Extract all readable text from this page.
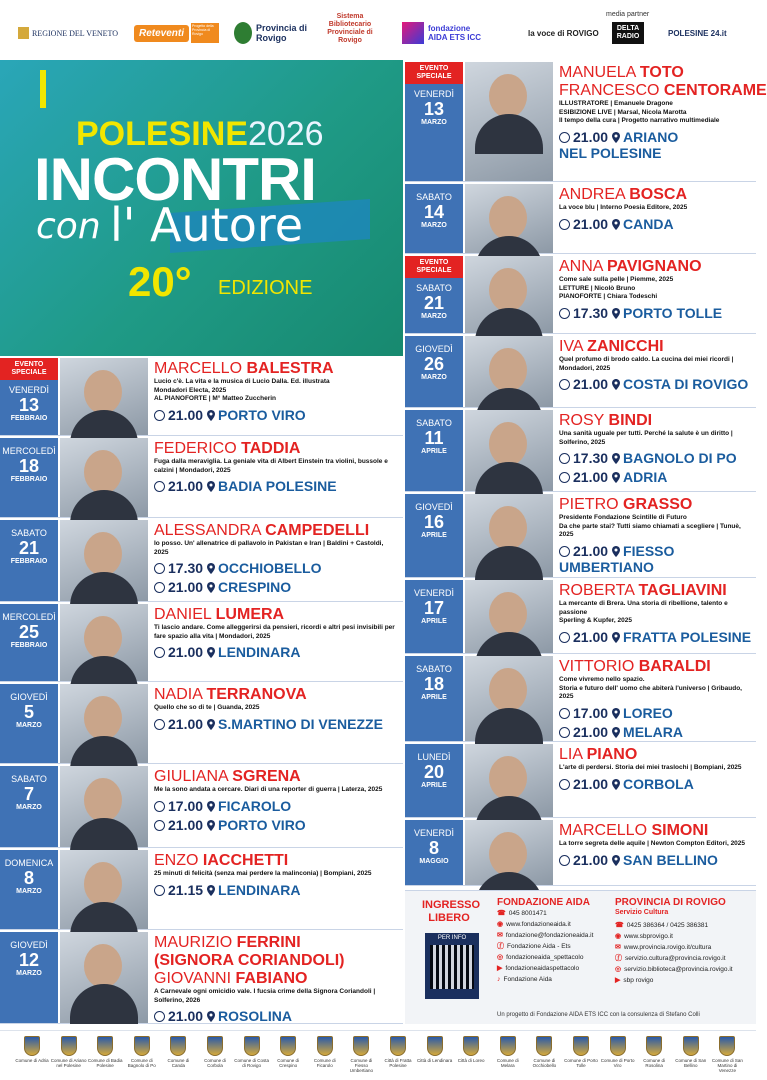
REGIONE DEL VENETO	Reteventi
Progetto della Provincia di Rovigo
Provincia di Rovigo
Sistema Bibliotecario Provinciale di Rovigo
fondazione AIDA ETS ICC
media partner
la voce di ROVIGO	DELTA RADIO	POLESINE 24.it
POLESINE2026
INCONTRI
con l' Autore
20° EDIZIONE
EVENTO SPECIALE
VENERDÌ
13
FEBBRAIO
MARCELLO BALESTRA
Lucio c'è. La vita e la musica di Lucio Dalla. Ed. illustrata
Mondadori Electa, 2025
AL PIANOFORTE | M° Matteo Zuccherin
21.00 PORTO VIRO
MERCOLEDÌ
18
FEBBRAIO
FEDERICO TADDIA
Fuga dalla meraviglia. La geniale vita di Albert Einstein tra violini, bussole e
calzini | Mondadori, 2025
21.00 BADIA POLESINE
SABATO
21
FEBBRAIO
ALESSANDRA CAMPEDELLI
Io posso. Un' allenatrice di pallavolo in Pakistan e Iran | Baldini + Castoldi, 2025
17.30 OCCHIOBELLO
21.00 CRESPINO
MERCOLEDÌ
25
FEBBRAIO
DANIEL LUMERA
Ti lascio andare. Come alleggerirsi da pensieri, ricordi e altri pesi invisibili per
fare spazio alla vita | Mondadori, 2025
21.00 LENDINARA
GIOVEDÌ
5
MARZO
NADIA TERRANOVA
Quello che so di te | Guanda, 2025
21.00 S.MARTINO DI VENEZZE
SABATO
7
MARZO
GIULIANA SGRENA
Me la sono andata a cercare. Diari di una reporter di guerra | Laterza, 2025
17.00 FICAROLO
21.00 PORTO VIRO
DOMENICA
8
MARZO
ENZO IACCHETTI
25 minuti di felicità (senza mai perdere la malinconia) | Bompiani, 2025
21.15 LENDINARA
GIOVEDÌ
12
MARZO
MAURIZIO FERRINI
(SIGNORA CORIANDOLI)
GIOVANNI FABIANO
A Carnevale ogni omicidio vale. I fucsia crime della Signora Coriandoli | Solferino, 2026
21.00 ROSOLINA
EVENTO SPECIALE
VENERDÌ
13
MARZO
MANUELA TOTO
FRANCESCO CENTORAME
ILLUSTRATORE | Emanuele Dragone
ESIBIZIONE LIVE | Marsal, Nicola Marotta
Il tempo della cura | Progetto narrativo multimediale
21.00 ARIANO
NEL POLESINE
SABATO
14
MARZO
ANDREA BOSCA
La voce blu | Interno Poesia Editore, 2025
21.00 CANDA
EVENTO SPECIALE
SABATO
21
MARZO
ANNA PAVIGNANO
Come sale sulla pelle | Piemme, 2025
LETTURE | Nicolò Bruno
PIANOFORTE | Chiara Todeschi
17.30 PORTO TOLLE
GIOVEDÌ
26
MARZO
IVA ZANICCHI
Quel profumo di brodo caldo. La cucina dei miei ricordi | Mondadori, 2025
21.00 COSTA DI ROVIGO
SABATO
11
APRILE
ROSY BINDI
Una sanità uguale per tutti. Perché la salute è un diritto | Solferino, 2025
17.30 BAGNOLO DI PO
21.00 ADRIA
GIOVEDÌ
16
APRILE
PIETRO GRASSO
Presidente Fondazione Scintille di Futuro
Da che parte stai? Tutti siamo chiamati a scegliere | Tunuè, 2025
21.00 FIESSO
UMBERTIANO
VENERDÌ
17
APRILE
ROBERTA TAGLIAVINI
La mercante di Brera. Una storia di ribellione, talento e passione
Sperling & Kupfer, 2025
21.00 FRATTA POLESINE
SABATO
18
APRILE
VITTORIO BARALDI
Come vivremo nello spazio.
Storia e futuro dell' uomo che abiterà l'universo | Gribaudo, 2025
17.00 LOREO
21.00 MELARA
LUNEDÌ
20
APRILE
LIA PIANO
L'arte di perdersi. Storia dei miei traslochi | Bompiani, 2025
21.00 CORBOLA
VENERDÌ
8
MAGGIO
MARCELLO SIMONI
La torre segreta delle aquile | Newton Compton Editori, 2025
21.00 SAN BELLINO
INGRESSO LIBERO
PER INFO
FONDAZIONE AIDA
☎ 045 8001471
◉ www.fondazioneaida.it
✉ fondazione@fondazioneaida.it
ⓕ Fondazione Aida - Ets
◎ fondazioneaida_spettacolo
▶ fondazioneaidaspettacolo
♪ Fondazione Aida
PROVINCIA DI ROVIGO
Servizio Cultura
☎ 0425 386364 / 0425 386381
◉ www.sbprovigo.it
✉ www.provincia.rovigo.it/cultura
ⓕ servizio.cultura@provincia.rovigo.it
◎ servizio.biblioteca@provincia.rovigo.it
▶ sbp rovigo
Un progetto di Fondazione AIDA ETS ICC con la consulenza di Stefano Colli
Comune di Adria Comune di Ariano nel Polesine
Comune di Badia Polesine
Comune di Bagnolo di Po
Comune di Canda
Comune di Corbola
Comune di Costa di Rovigo
Comune di Crespino
Comune di Ficarolo
Comune di Fiesso Umbertiano
Città di Fratta Polesine
Città di Lendinara	Città di Loreo	Comune di Melara
Comune di Occhiobello
Comune di Porto Tolle
Comune di Porto Viro
Comune di Rosolina
Comune di San Bellino
Comune di San Martino di Venezze
